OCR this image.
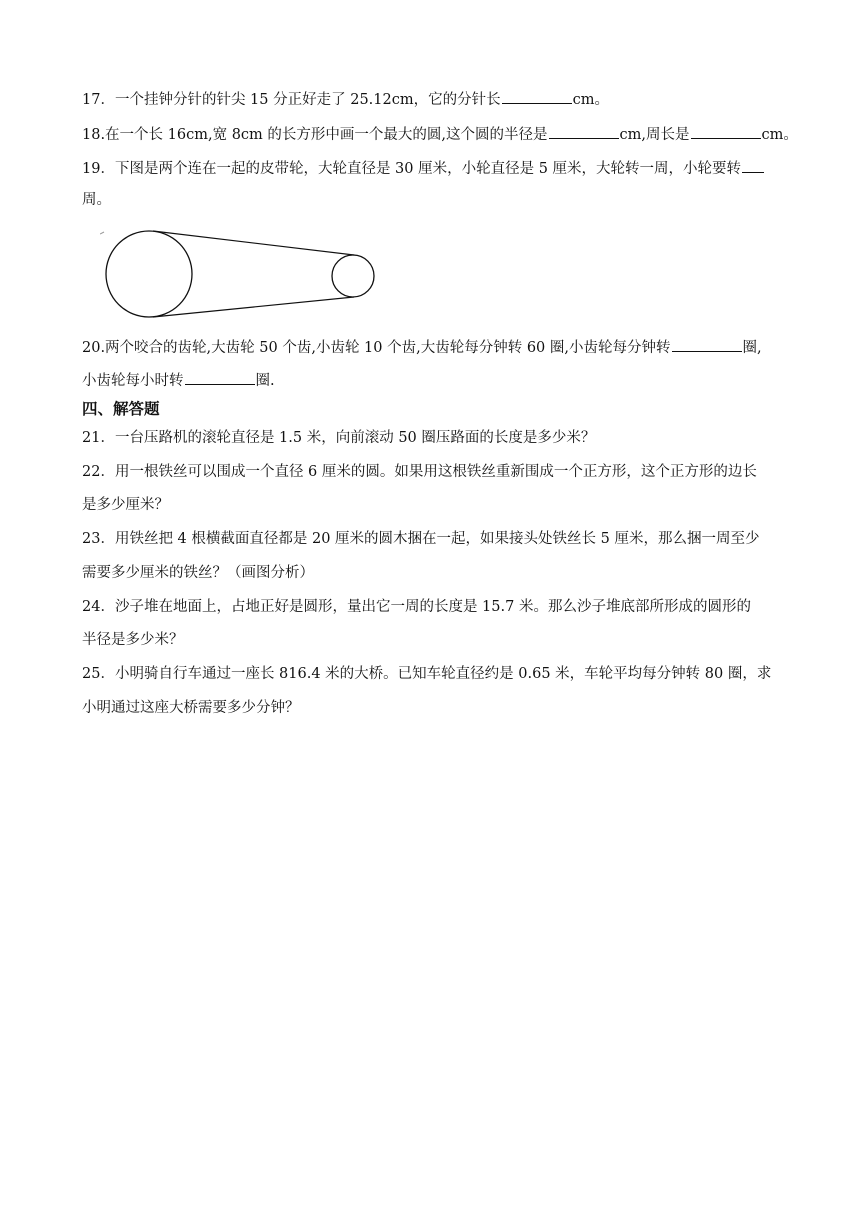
17．一个挂钟分针的针尖 15 分正好走了 25.12cm，它的分针长	cm。
18.在一个长 16cm,宽 8cm 的长方形中画一个最大的圆,这个圆的半径是	cm,周长是	cm。
19．下图是两个连在一起的皮带轮，大轮直径是 30 厘米，小轮直径是 5 厘米，大轮转一周，小轮要转
周。
20.两个咬合的齿轮,大齿轮 50 个齿,小齿轮 10 个齿,大齿轮每分钟转 60 圈,小齿轮每分钟转	圈,
小齿轮每小时转	圈.
四、解答题
21．一台压路机的滚轮直径是 1.5 米，向前滚动 50 圈压路面的长度是多少米？
22．用一根铁丝可以围成一个直径 6 厘米的圆。如果用这根铁丝重新围成一个正方形，这个正方形的边长
是多少厘米？
23．用铁丝把 4 根横截面直径都是 20 厘米的圆木捆在一起，如果接头处铁丝长 5 厘米，那么捆一周至少
需要多少厘米的铁丝？（画图分析）
24．沙子堆在地面上，占地正好是圆形，量出它一周的长度是 15.7 米。那么沙子堆底部所形成的圆形的
半径是多少米？
25．小明骑自行车通过一座长 816.4 米的大桥。已知车轮直径约是 0.65 米，车轮平均每分钟转 80 圈，求
小明通过这座大桥需要多少分钟？
